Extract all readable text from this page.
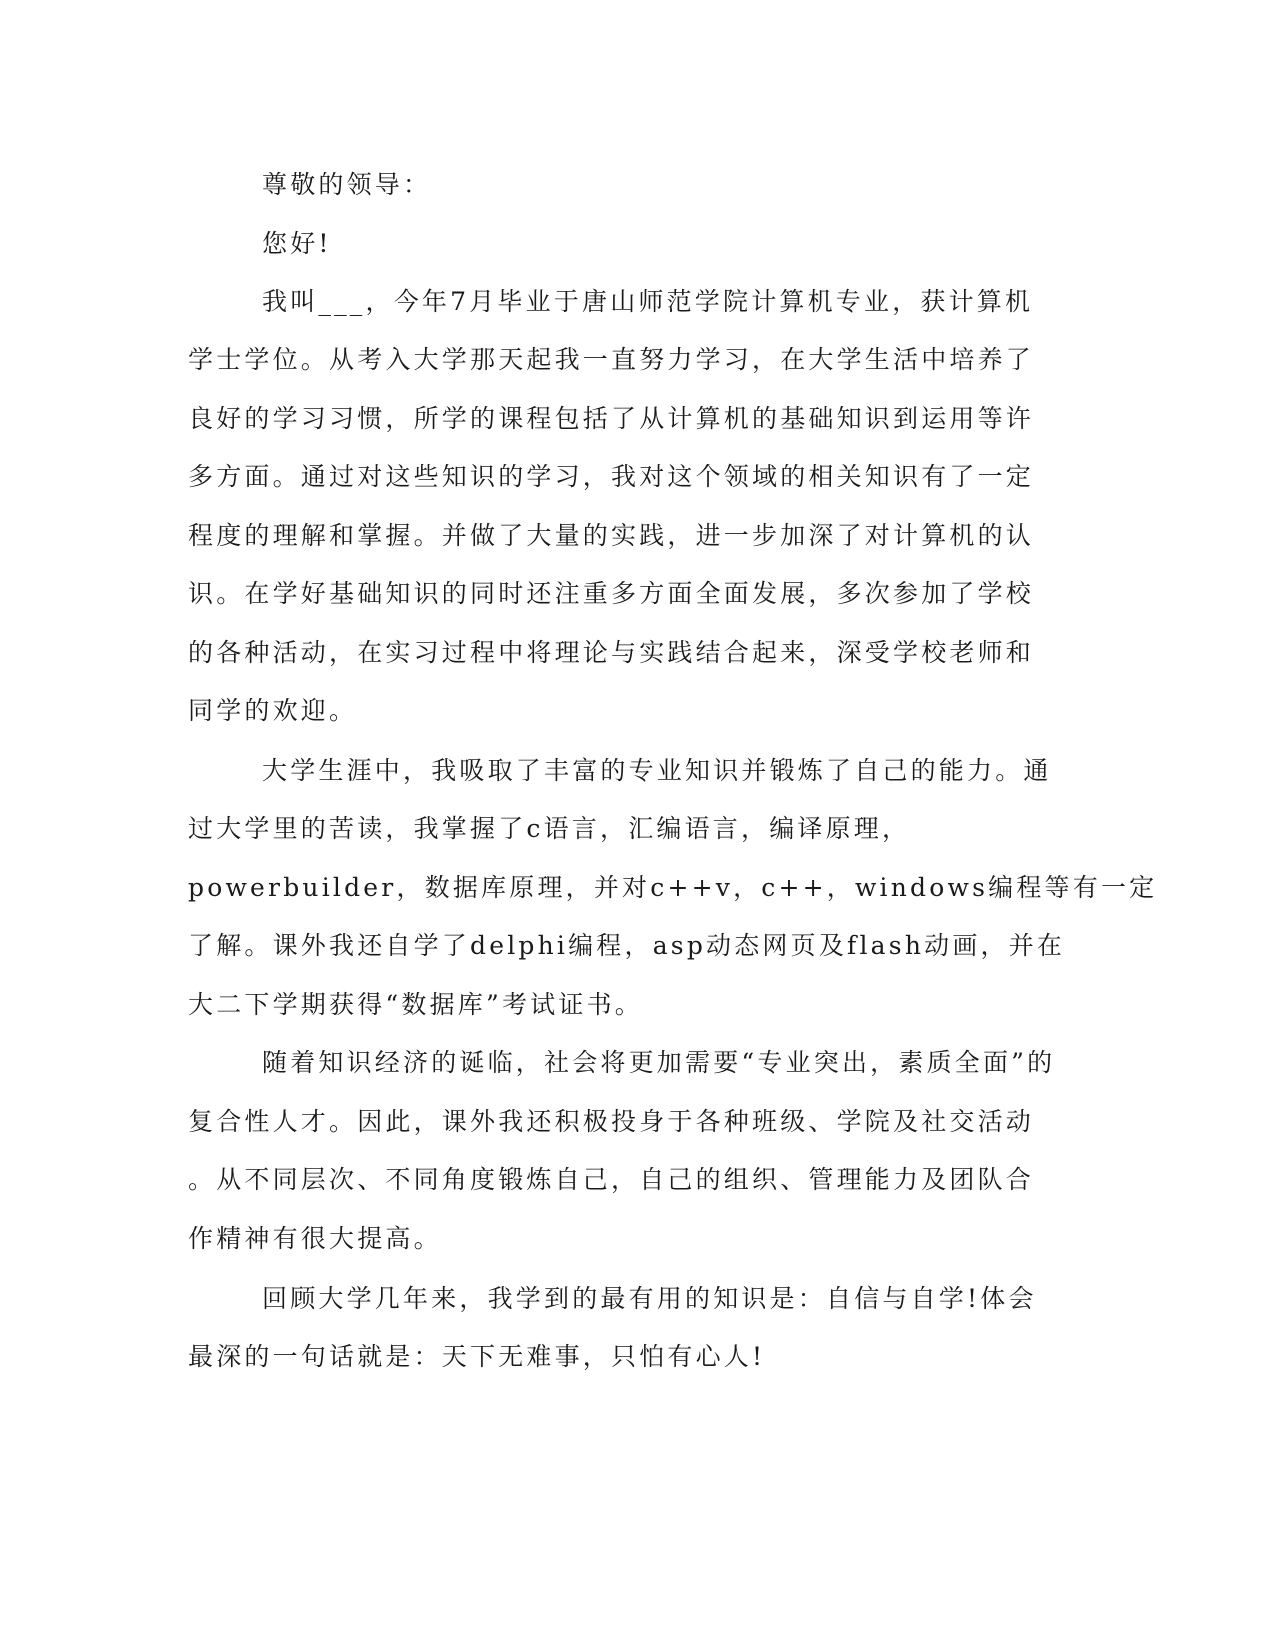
尊敬的领导：
您好!
我叫___，今年7月毕业于唐山师范学院计算机专业，获计算机
学士学位。从考入大学那天起我一直努力学习，在大学生活中培养了
良好的学习习惯，所学的课程包括了从计算机的基础知识到运用等许
多方面。通过对这些知识的学习，我对这个领域的相关知识有了一定
程度的理解和掌握。并做了大量的实践，进一步加深了对计算机的认
识。在学好基础知识的同时还注重多方面全面发展，多次参加了学校
的各种活动，在实习过程中将理论与实践结合起来，深受学校老师和
同学的欢迎。
大学生涯中，我吸取了丰富的专业知识并锻炼了自己的能力。通
过大学里的苦读，我掌握了c语言，汇编语言，编译原理，
powerbuilder，数据库原理，并对c++v，c++，windows编程等有一定
了解。课外我还自学了delphi编程，asp动态网页及flash动画，并在
大二下学期获得“数据库”考试证书。
随着知识经济的诞临，社会将更加需要“专业突出，素质全面”的
复合性人才。因此，课外我还积极投身于各种班级、学院及社交活动
。从不同层次、不同角度锻炼自己，自己的组织、管理能力及团队合
作精神有很大提高。
回顾大学几年来，我学到的最有用的知识是：自信与自学!体会
最深的一句话就是：天下无难事，只怕有心人!
